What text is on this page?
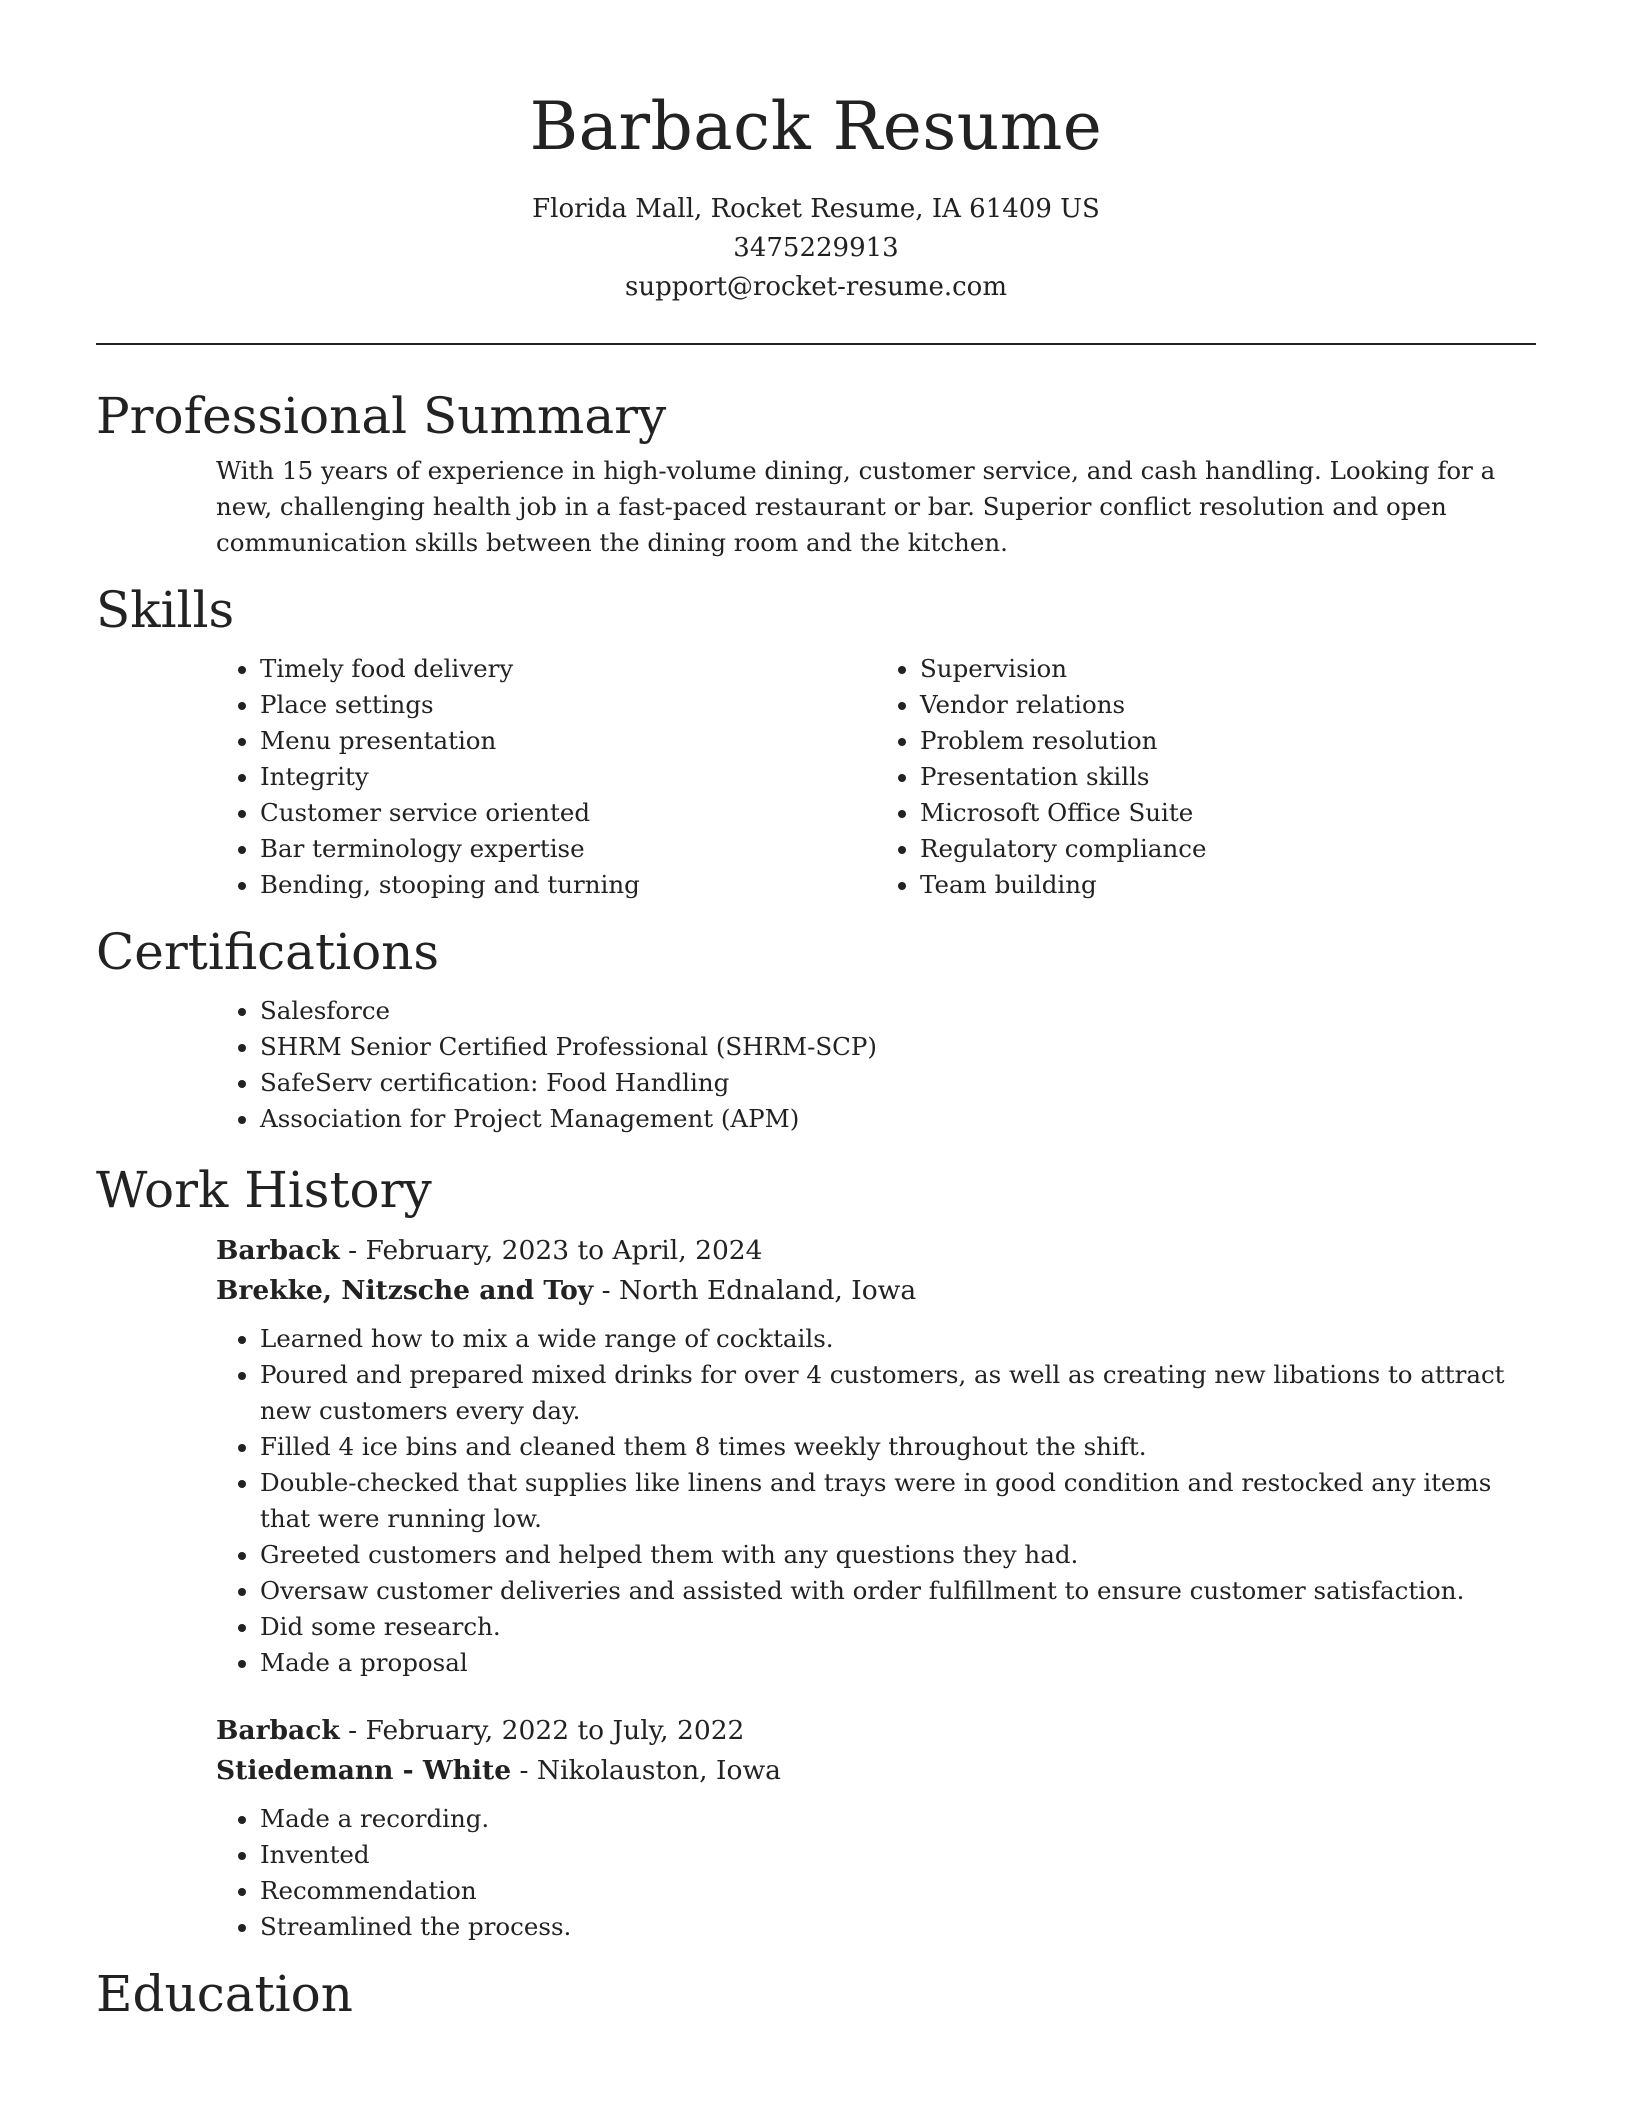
Barback Resume
Florida Mall, Rocket Resume, IA 61409 US
3475229913
support@rocket-resume.com
Professional Summary
With 15 years of experience in high-volume dining, customer service, and cash handling. Looking for a new, challenging health job in a fast-paced restaurant or bar. Superior conflict resolution and open communication skills between the dining room and the kitchen.
Skills
• Timely food delivery
• Place settings
• Menu presentation
• Integrity
• Customer service oriented
• Bar terminology expertise
• Bending, stooping and turning
• Supervision
• Vendor relations
• Problem resolution
• Presentation skills
• Microsoft Office Suite
• Regulatory compliance
• Team building
Certifications
• Salesforce
• SHRM Senior Certified Professional (SHRM-SCP)
• SafeServ certification: Food Handling
• Association for Project Management (APM)
Work History
Barback - February, 2023 to April, 2024
Brekke, Nitzsche and Toy - North Ednaland, Iowa
• Learned how to mix a wide range of cocktails.
• Poured and prepared mixed drinks for over 4 customers, as well as creating new libations to attract new customers every day.
• Filled 4 ice bins and cleaned them 8 times weekly throughout the shift.
• Double-checked that supplies like linens and trays were in good condition and restocked any items that were running low.
• Greeted customers and helped them with any questions they had.
• Oversaw customer deliveries and assisted with order fulfillment to ensure customer satisfaction.
• Did some research.
• Made a proposal
Barback - February, 2022 to July, 2022
Stiedemann - White - Nikolauston, Iowa
• Made a recording.
• Invented
• Recommendation
• Streamlined the process.
Education
